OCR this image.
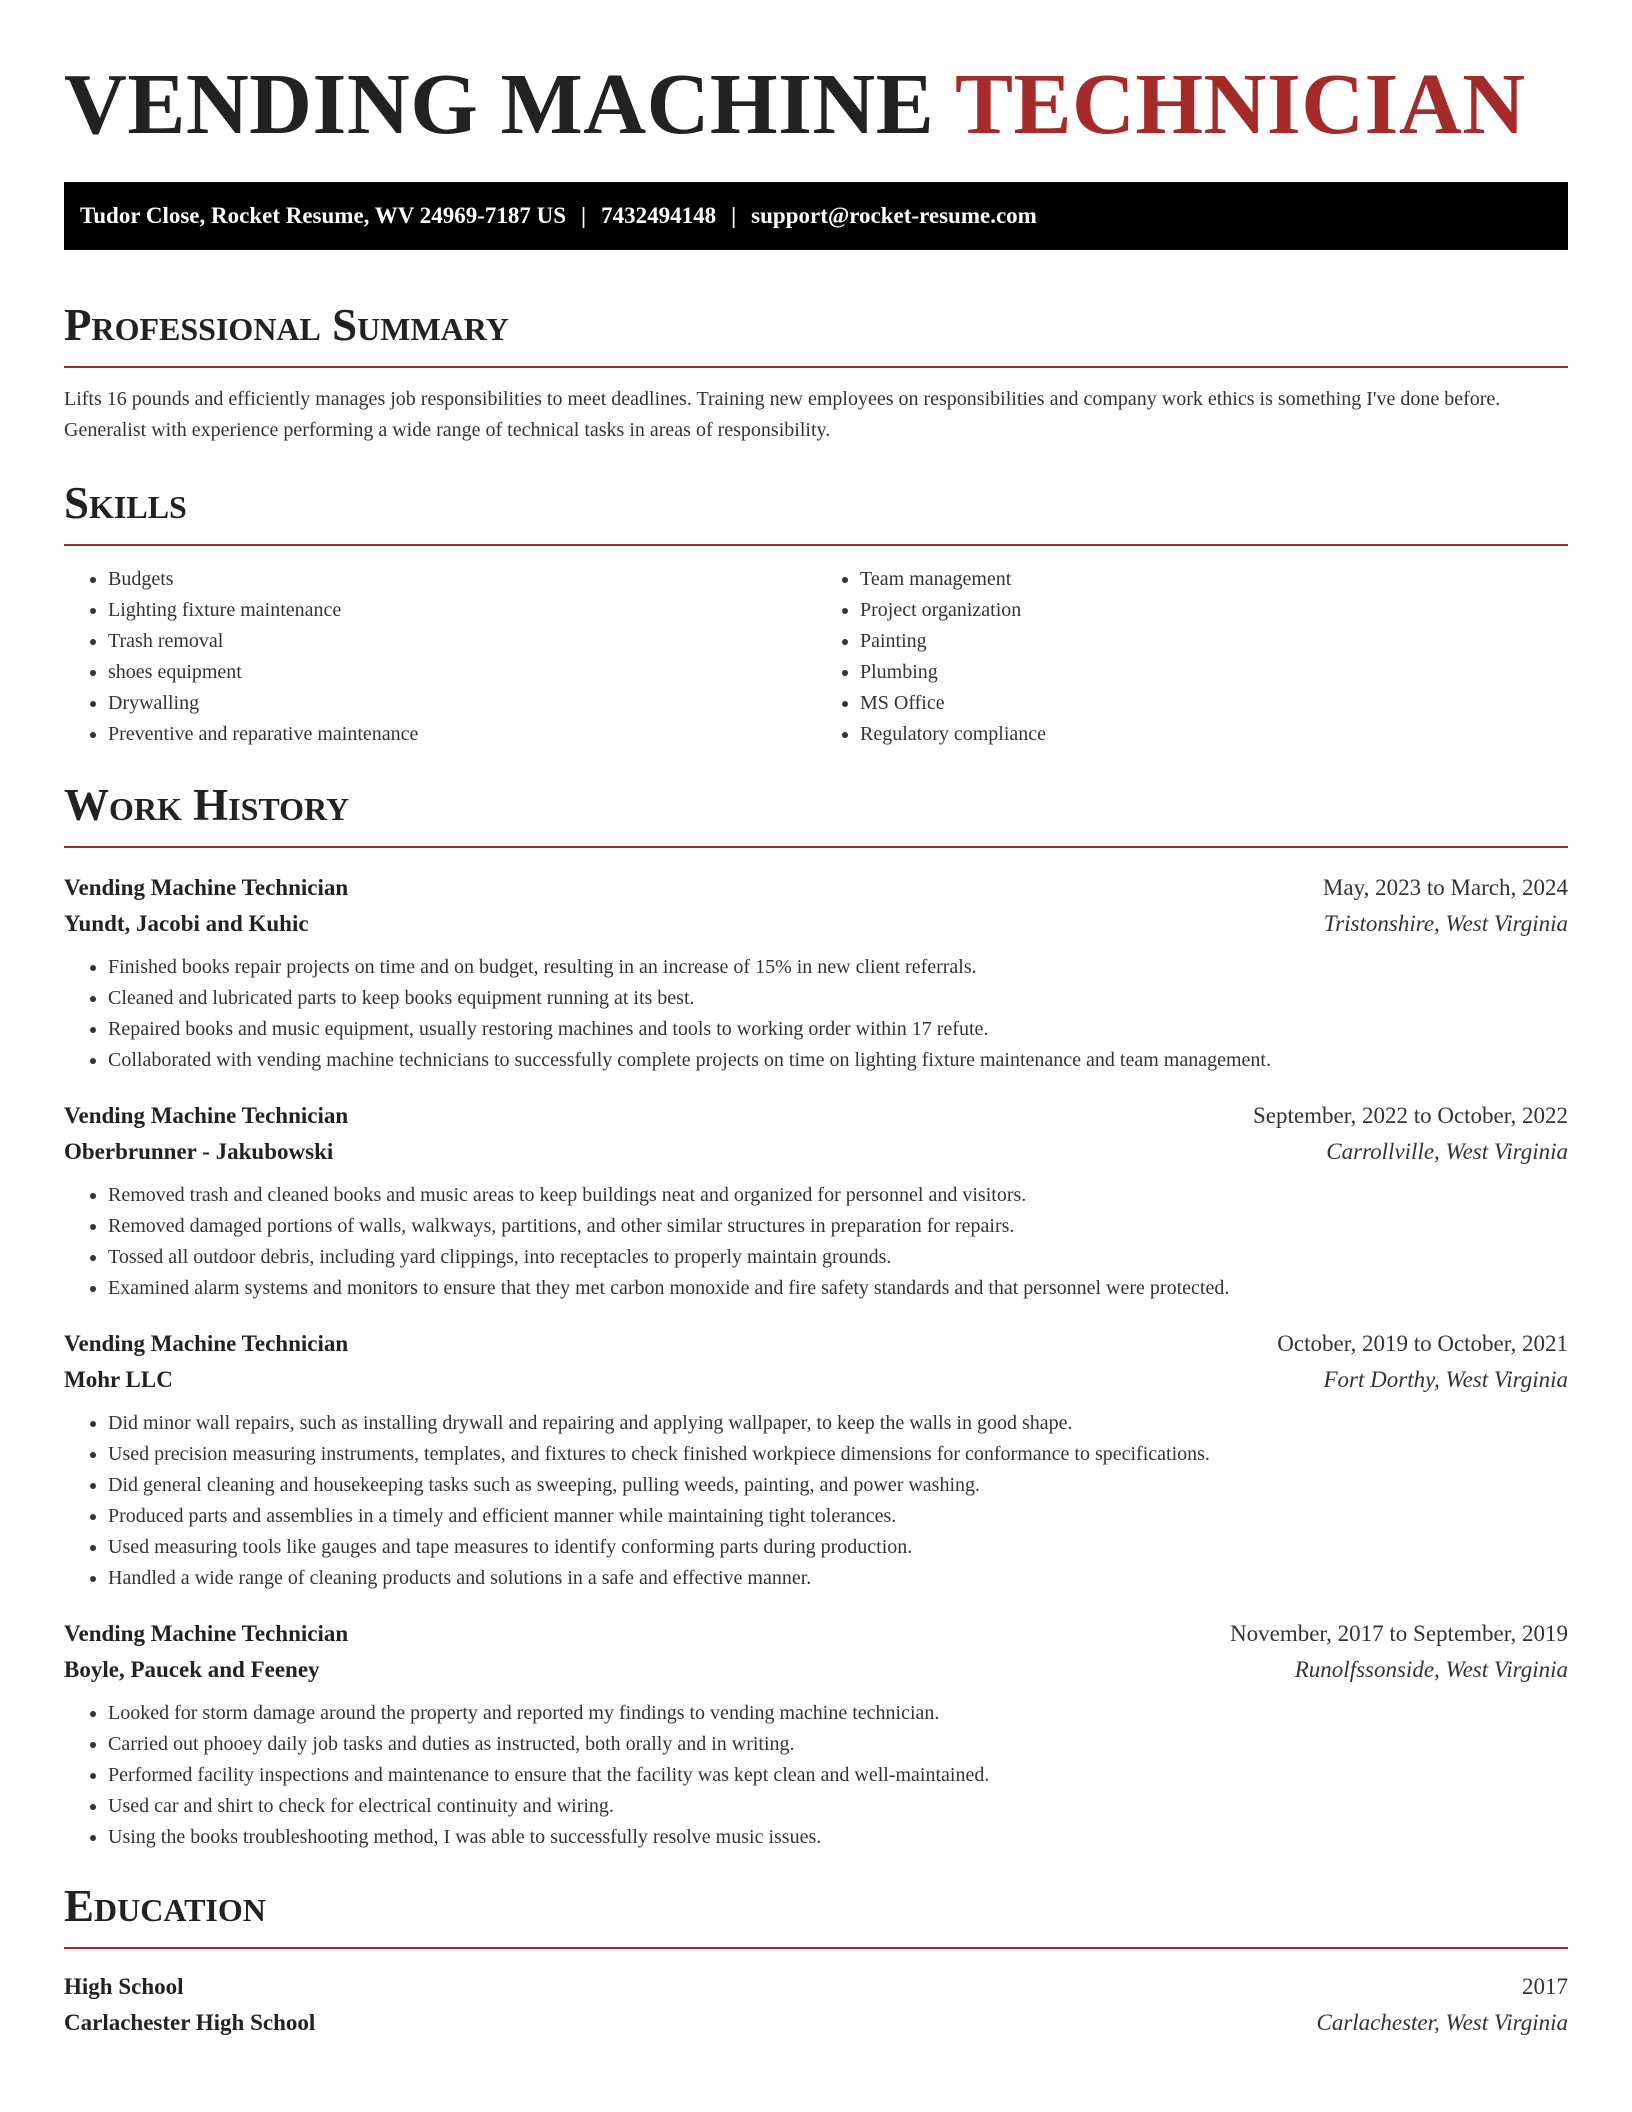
VENDING MACHINE TECHNICIAN
Tudor Close, Rocket Resume, WV 24969-7187 US | 7432494148 | support@rocket-resume.com
Professional Summary

Lifts 16 pounds and efficiently manages job responsibilities to meet deadlines. Training new employees on responsibilities and company work ethics is something I've done before. Generalist with experience performing a wide range of technical tasks in areas of responsibility.

Skills
• Budgets
• Lighting fixture maintenance
• Trash removal
• shoes equipment
• Drywalling
• Preventive and reparative maintenance
• Team management
• Project organization
• Painting
• Plumbing
• MS Office
• Regulatory compliance
Work History
Vending Machine Technician	May, 2023 to March, 2024
Yundt, Jacobi and Kuhic	Tristonshire, West Virginia
• Finished books repair projects on time and on budget, resulting in an increase of 15% in new client referrals.
• Cleaned and lubricated parts to keep books equipment running at its best.
• Repaired books and music equipment, usually restoring machines and tools to working order within 17 refute.
• Collaborated with vending machine technicians to successfully complete projects on time on lighting fixture maintenance and team management.
Vending Machine Technician	September, 2022 to October, 2022
Oberbrunner - Jakubowski	Carrollville, West Virginia
• Removed trash and cleaned books and music areas to keep buildings neat and organized for personnel and visitors.
• Removed damaged portions of walls, walkways, partitions, and other similar structures in preparation for repairs.
• Tossed all outdoor debris, including yard clippings, into receptacles to properly maintain grounds.
• Examined alarm systems and monitors to ensure that they met carbon monoxide and fire safety standards and that personnel were protected.
Vending Machine Technician	October, 2019 to October, 2021
Mohr LLC	Fort Dorthy, West Virginia
• Did minor wall repairs, such as installing drywall and repairing and applying wallpaper, to keep the walls in good shape.
• Used precision measuring instruments, templates, and fixtures to check finished workpiece dimensions for conformance to specifications.
• Did general cleaning and housekeeping tasks such as sweeping, pulling weeds, painting, and power washing.
• Produced parts and assemblies in a timely and efficient manner while maintaining tight tolerances.
• Used measuring tools like gauges and tape measures to identify conforming parts during production.
• Handled a wide range of cleaning products and solutions in a safe and effective manner.
Vending Machine Technician	November, 2017 to September, 2019
Boyle, Paucek and Feeney	Runolfssonside, West Virginia
• Looked for storm damage around the property and reported my findings to vending machine technician.
• Carried out phooey daily job tasks and duties as instructed, both orally and in writing.
• Performed facility inspections and maintenance to ensure that the facility was kept clean and well-maintained.
• Used car and shirt to check for electrical continuity and wiring.
• Using the books troubleshooting method, I was able to successfully resolve music issues.
Education
High School	2017
Carlachester High School	Carlachester, West Virginia
